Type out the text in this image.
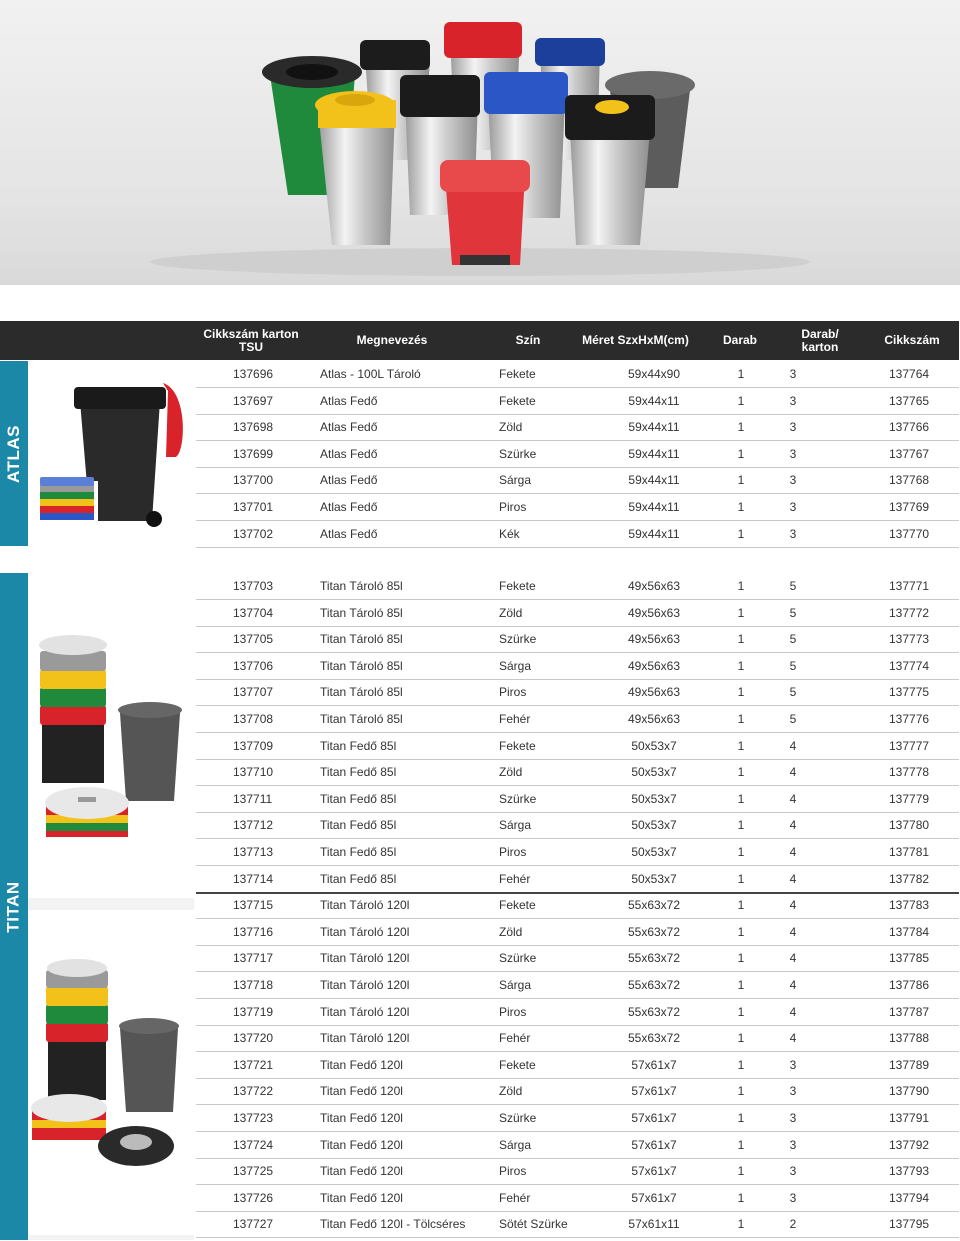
Cikkszám karton TSU	Megnevezés	Szín	Méret SzxHxM(cm)	Darab	Darab/ karton	Cikkszám
ATLAS
137696	Atlas - 100L Tároló	Fekete	59x44x90	1	3	137764
137697	Atlas Fedő	Fekete	59x44x11	1	3	137765
137698	Atlas Fedő	Zöld	59x44x11	1	3	137766
137699	Atlas Fedő	Szürke	59x44x11	1	3	137767
137700	Atlas Fedő	Sárga	59x44x11	1	3	137768
137701	Atlas Fedő	Piros	59x44x11	1	3	137769
137702	Atlas Fedő	Kék	59x44x11	1	3	137770
TITAN
137703	Titan Tároló 85l	Fekete	49x56x63	1	5	137771
137704	Titan Tároló 85l	Zöld	49x56x63	1	5	137772
137705	Titan Tároló 85l	Szürke	49x56x63	1	5	137773
137706	Titan Tároló 85l	Sárga	49x56x63	1	5	137774
137707	Titan Tároló 85l	Piros	49x56x63	1	5	137775
137708	Titan Tároló 85l	Fehér	49x56x63	1	5	137776
137709	Titan Fedő 85l	Fekete	50x53x7	1	4	137777
137710	Titan Fedő 85l	Zöld	50x53x7	1	4	137778
137711	Titan Fedő 85l	Szürke	50x53x7	1	4	137779
137712	Titan Fedő 85l	Sárga	50x53x7	1	4	137780
137713	Titan Fedő 85l	Piros	50x53x7	1	4	137781
137714	Titan Fedő 85l	Fehér	50x53x7	1	4	137782
137715	Titan Tároló 120l	Fekete	55x63x72	1	4	137783
137716	Titan Tároló 120l	Zöld	55x63x72	1	4	137784
137717	Titan Tároló 120l	Szürke	55x63x72	1	4	137785
137718	Titan Tároló 120l	Sárga	55x63x72	1	4	137786
137719	Titan Tároló 120l	Piros	55x63x72	1	4	137787
137720	Titan Tároló 120l	Fehér	55x63x72	1	4	137788
137721	Titan Fedő 120l	Fekete	57x61x7	1	3	137789
137722	Titan Fedő 120l	Zöld	57x61x7	1	3	137790
137723	Titan Fedő 120l	Szürke	57x61x7	1	3	137791
137724	Titan Fedő 120l	Sárga	57x61x7	1	3	137792
137725	Titan Fedő 120l	Piros	57x61x7	1	3	137793
137726	Titan Fedő 120l	Fehér	57x61x7	1	3	137794
137727	Titan Fedő 120l - Tölcséres	Sötét Szürke	57x61x11	1	2	137795
